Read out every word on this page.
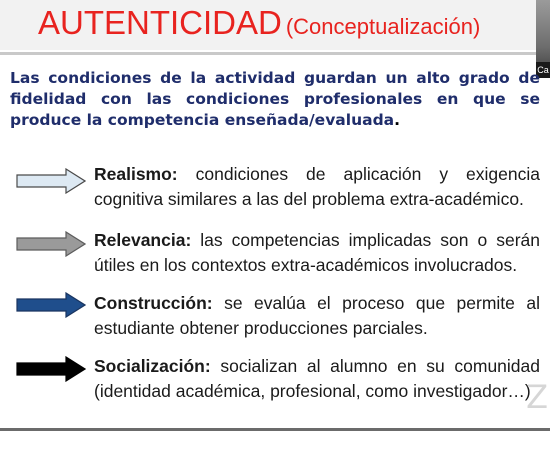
AUTENTICIDAD (Conceptualización)
Ca
Las condiciones de la actividad guardan un alto grado de fidelidad con las condiciones profesionales en que se produce la competencia enseñada/evaluada.
Realismo: condiciones de aplicación y exigencia cognitiva similares a las del problema extra-académico.
Relevancia: las competencias implicadas son o serán útiles en los contextos extra-académicos involucrados.
Construcción: se evalúa el proceso que permite al estudiante obtener producciones parciales.
Socialización: socializan al alumno en su comunidad (identidad académica, profesional, como investigador…)
Z
